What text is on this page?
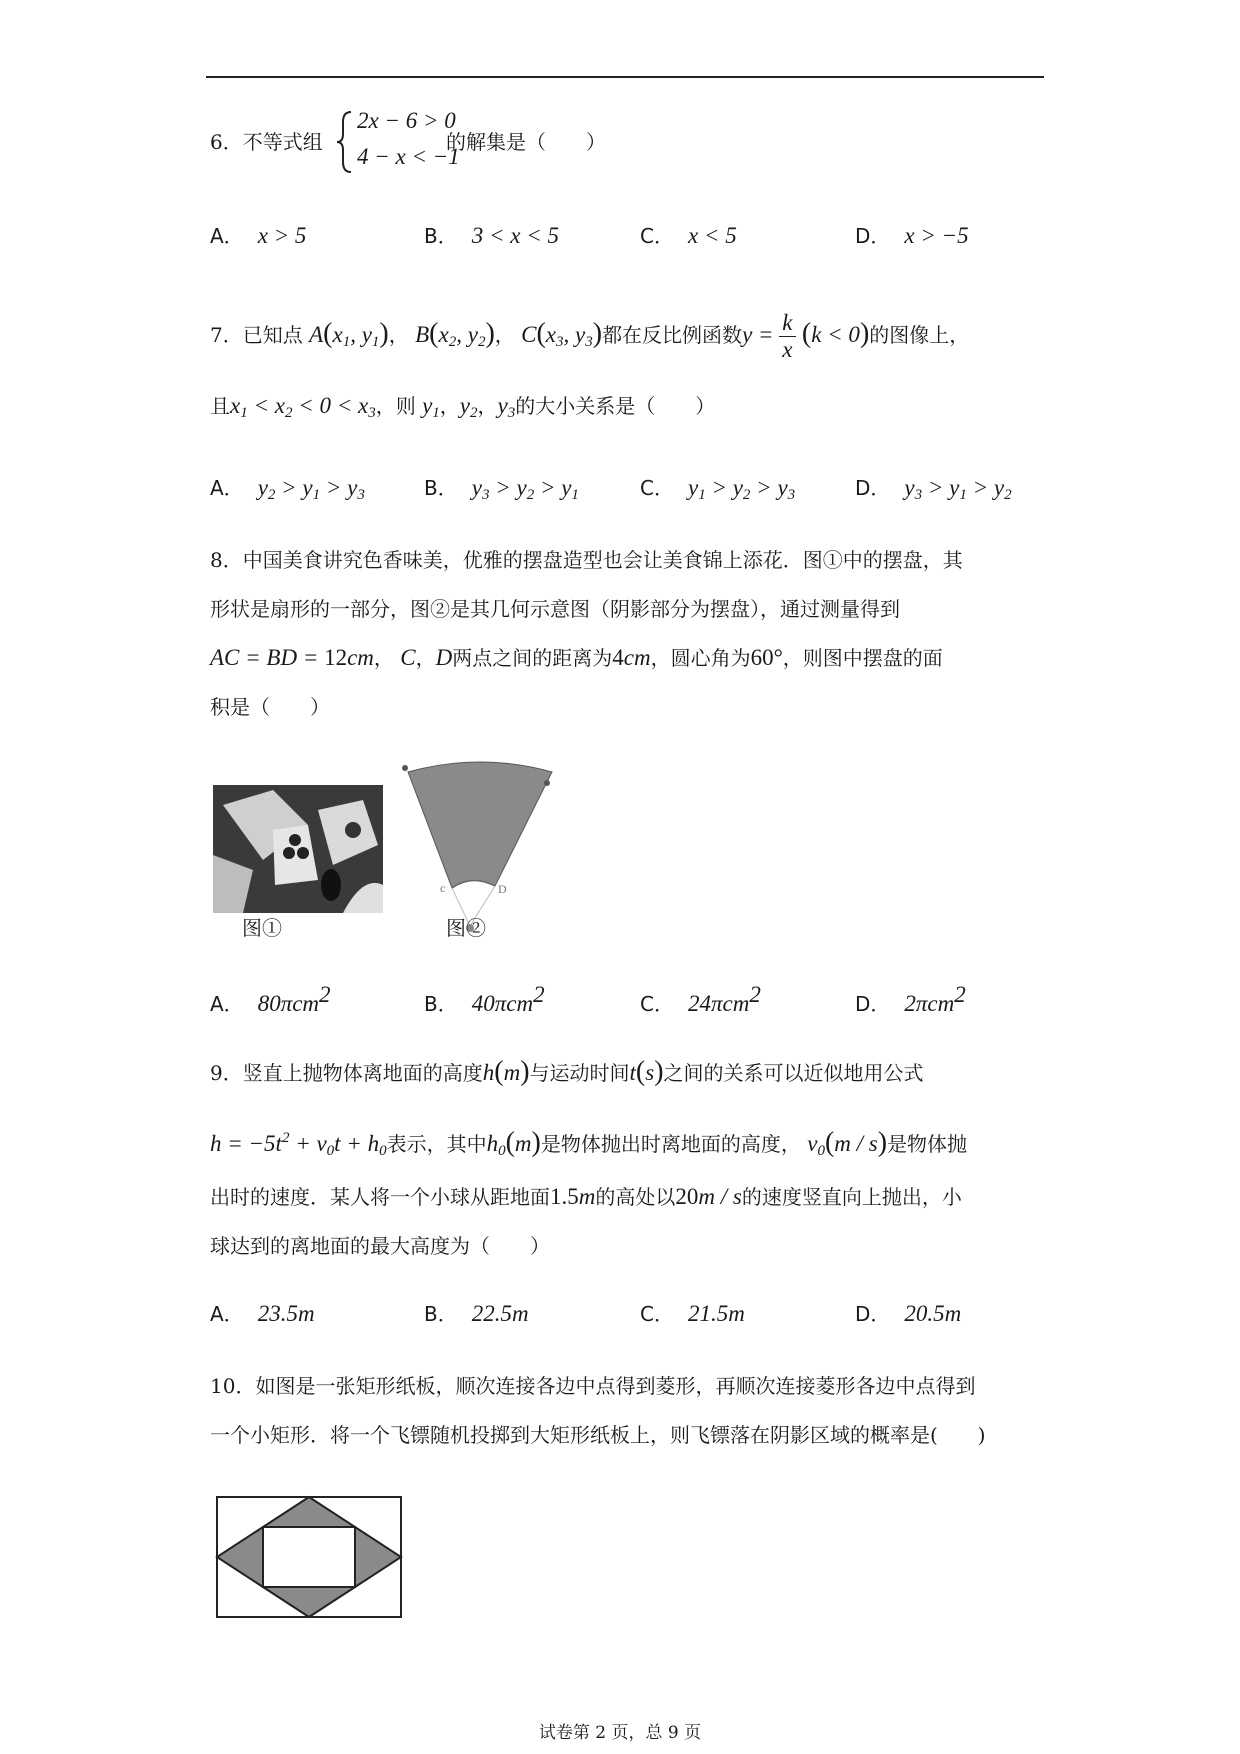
6．不等式组
2x − 6 > 0
4 − x < −1
的解集是（　　）
A． x > 5	B． 3 < x < 5	C． x < 5	D． x > −5
7．已知点 $A(x_1$, $y_1$)， $B(x_2$, $y_2$)， $C(x_3$, $y_3$)都在反比例函数$y = \frac{k}{x} (k < 0)$的图像上，
且$x_1 < x_2 < 0 < x_3$，则 $y_1$，$y_2$，$y_3$的大小关系是（　　）
A． $y_2 > y_1 > y_3$	B． $y_3 > y_2 > y_1$	C． $y_1 > y_2 > y_3$	D． $y_3 > y_1 > y_2$
8．中国美食讲究色香味美，优雅的摆盘造型也会让美食锦上添花．图①中的摆盘，其
形状是扇形的一部分，图②是其几何示意图（阴影部分为摆盘），通过测量得到
AC = BD = 12cm， C，D两点之间的距离为4cm，圆心角为60°，则图中摆盘的面
积是（　　）
图①
c	D
图②
A． 80πcm$^2$	B． 40πcm$^2$	C． 24πcm$^2$	D． 2πcm$^2$
9．竖直上抛物体离地面的高度h(m)与运动时间t(s)之间的关系可以近似地用公式
$h = -5t^2 + v_0t + h_0$表示，其中$h_0(m)$是物体抛出时离地面的高度， $v_0(m / s)$是物体抛
出时的速度．某人将一个小球从距地面1.5m的高处以20m / s的速度竖直向上抛出，小
球达到的离地面的最大高度为（　　）
A． 23.5m	B． 22.5m	C． 21.5m	D． 20.5m
10．如图是一张矩形纸板，顺次连接各边中点得到菱形，再顺次连接菱形各边中点得到
一个小矩形．将一个飞镖随机投掷到大矩形纸板上，则飞镖落在阴影区域的概率是(　　)
试卷第 2 页，总 9 页
